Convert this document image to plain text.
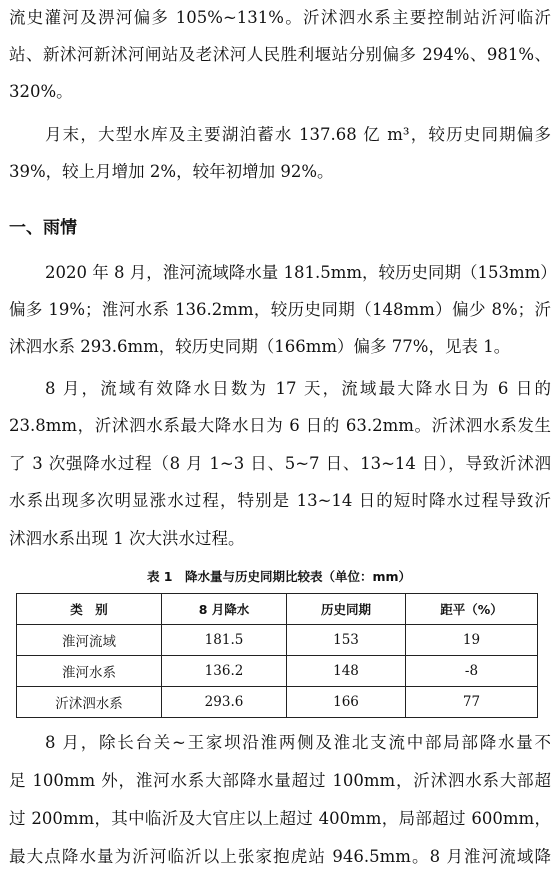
流史灌河及淠河偏多 105%~131%。沂沭泗水系主要控制站沂河临沂
站、新沭河新沭河闸站及老沭河人民胜利堰站分别偏多 294%、981%、
320%。
月末，大型水库及主要湖泊蓄水 137.68 亿 m³，较历史同期偏多
39%，较上月增加 2%，较年初增加 92%。
一、雨情
2020 年 8 月，淮河流域降水量 181.5mm，较历史同期（153mm）
偏多 19%；淮河水系 136.2mm，较历史同期（148mm）偏少 8%；沂
沭泗水系 293.6mm，较历史同期（166mm）偏多 77%，见表 1。
8 月，流域有效降水日数为 17 天，流域最大降水日为 6 日的
23.8mm，沂沭泗水系最大降水日为 6 日的 63.2mm。沂沭泗水系发生
了 3 次强降水过程（8 月 1~3 日、5~7 日、13~14 日），导致沂沭泗
水系出现多次明显涨水过程，特别是 13~14 日的短时降水过程导致沂
沭泗水系出现 1 次大洪水过程。
表 1　降水量与历史同期比较表（单位：mm）
类　别	8 月降水	历史同期	距平（%）
淮河流域	181.5	153	19
淮河水系	136.2	148	-8
沂沭泗水系	293.6	166	77
8 月，除长台关~王家坝沿淮两侧及淮北支流中部局部降水量不
足 100mm 外，淮河水系大部降水量超过 100mm，沂沭泗水系大部超
过 200mm，其中临沂及大官庄以上超过 400mm，局部超过 600mm，
最大点降水量为沂河临沂以上张家抱虎站 946.5mm。8 月淮河流域降
